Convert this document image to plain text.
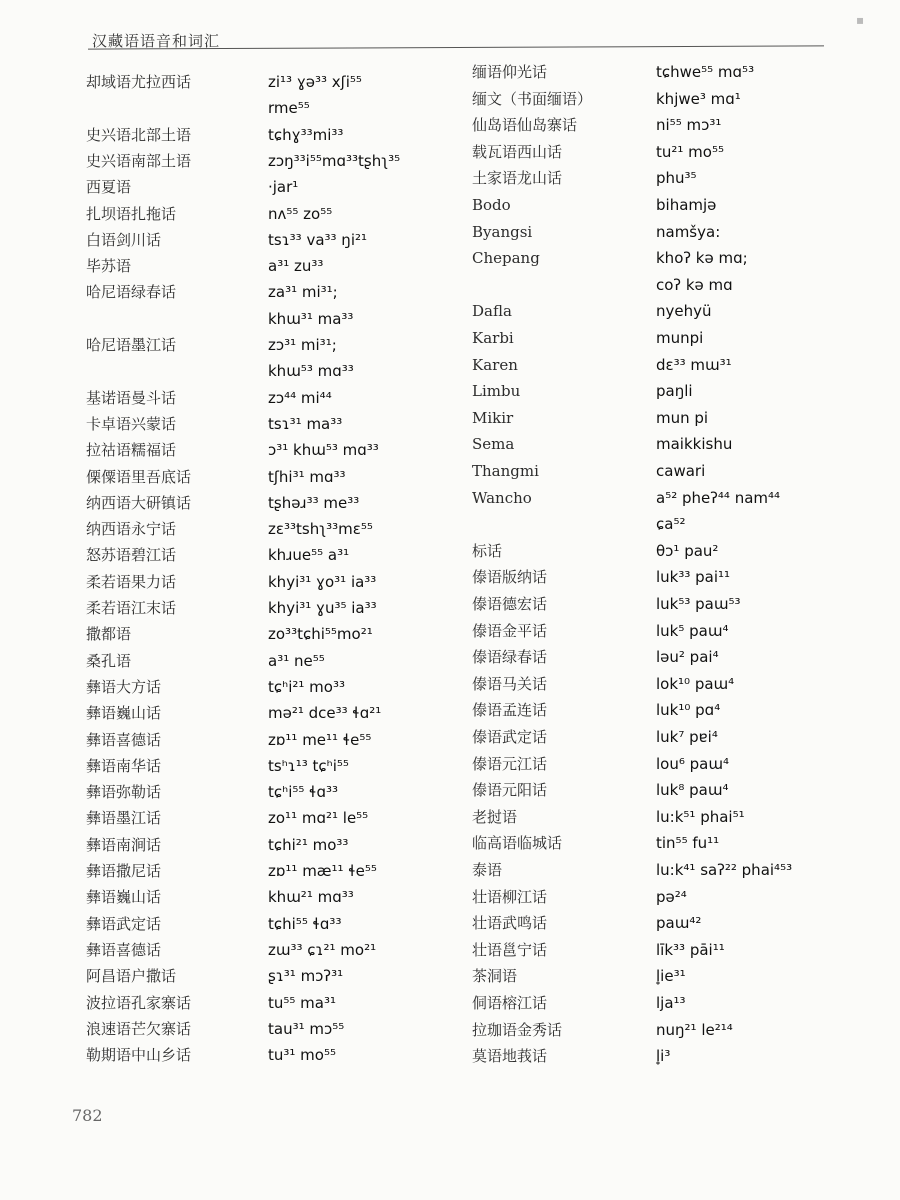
▪
汉藏语语音和词汇
却域语尤拉西话	zi¹³ ɣə³³ xʃi⁵⁵
rme⁵⁵
史兴语北部土语	tɕhɣ³³mi³³
史兴语南部土语	zɔŋ³³i⁵⁵mɑ³³tʂhʅ³⁵
西夏语	·jar¹
扎坝语扎拖话	nʌ⁵⁵ zo⁵⁵
白语剑川话	tsɿ³³ va³³ ŋi²¹
毕苏语	a³¹ zu³³
哈尼语绿春话	za³¹ mi³¹;
khɯ³¹ ma³³
哈尼语墨江话	zɔ³¹ mi³¹;
khɯ⁵³ mɑ³³
基诺语曼斗话	zɔ⁴⁴ mi⁴⁴
卡卓语兴蒙话	tsɿ³¹ ma³³
拉祜语糯福话	ɔ³¹ khɯ⁵³ mɑ³³
傈僳语里吾底话	tʃhi³¹ mɑ³³
纳西语大研镇话	tʂhəɹ³³ me³³
纳西语永宁话	zɛ³³tshʅ³³mɛ⁵⁵
怒苏语碧江话	khɹue⁵⁵ a³¹
柔若语果力话	khyi³¹ ɣo³¹ ia³³
柔若语江末话	khyi³¹ ɣu³⁵ ia³³
撒都语	zo³³tɕhi⁵⁵mo²¹
桑孔语	a³¹ ne⁵⁵
彝语大方话	tɕʰi²¹ mo³³
彝语巍山话	mə²¹ dce³³ ɬɑ²¹
彝语喜德话	zɒ¹¹ me¹¹ ɬe⁵⁵
彝语南华话	tsʰɿ¹³ tɕʰi⁵⁵
彝语弥勒话	tɕʰi⁵⁵ ɬɑ³³
彝语墨江话	zo¹¹ mɑ²¹ le⁵⁵
彝语南涧话	tɕhi²¹ mo³³
彝语撒尼话	zɒ¹¹ mæ¹¹ ɬe⁵⁵
彝语巍山话	khɯ²¹ mɑ³³
彝语武定话	tɕhi⁵⁵ ɬɑ³³
彝语喜德话	zɯ³³ ɕɿ²¹ mo²¹
阿昌语户撒话	ʂɿ³¹ mɔʔ³¹
波拉语孔家寨话	tu⁵⁵ ma³¹
浪速语芒欠寨话	tau³¹ mɔ⁵⁵
勒期语中山乡话	tu³¹ mo⁵⁵
缅语仰光话	tɕhwe⁵⁵ mɑ⁵³
缅文（书面缅语）	khjwe³ mɑ¹
仙岛语仙岛寨话	ni⁵⁵ mɔ³¹
载瓦语西山话	tu²¹ mo⁵⁵
土家语龙山话	phu³⁵
Bodo	bihamjə
Byangsi	namšya:
Chepang	khoʔ kə mɑ;
coʔ kə mɑ
Dafla	nyehyü
Karbi	munpi
Karen	dɛ³³ mɯ³¹
Limbu	paŋli
Mikir	mun pi
Sema	maikkishu
Thangmi	cawari
Wancho	a⁵² pheʔ⁴⁴ nam⁴⁴
ɕa⁵²
标话	θɔ¹ pau²
傣语版纳话	luk³³ pai¹¹
傣语德宏话	luk⁵³ paɯ⁵³
傣语金平话	luk⁵ paɯ⁴
傣语绿春话	ləu² pai⁴
傣语马关话	lok¹⁰ paɯ⁴
傣语孟连话	luk¹⁰ pɑ⁴
傣语武定话	luk⁷ pɐi⁴
傣语元江话	lou⁶ paɯ⁴
傣语元阳话	luk⁸ paɯ⁴
老挝语	lu:k⁵¹ phai⁵¹
临高语临城话	tin⁵⁵ fu¹¹
泰语	lu:k⁴¹ saʔ²² phai⁴⁵³
壮语柳江话	pə²⁴
壮语武鸣话	paɯ⁴²
壮语邕宁话	līk³³ pāi¹¹
茶洞语	l̥ie³¹
侗语榕江话	lja¹³
拉珈语金秀话	nuŋ²¹ le²¹⁴
莫语地莪话	l̥i³
782
